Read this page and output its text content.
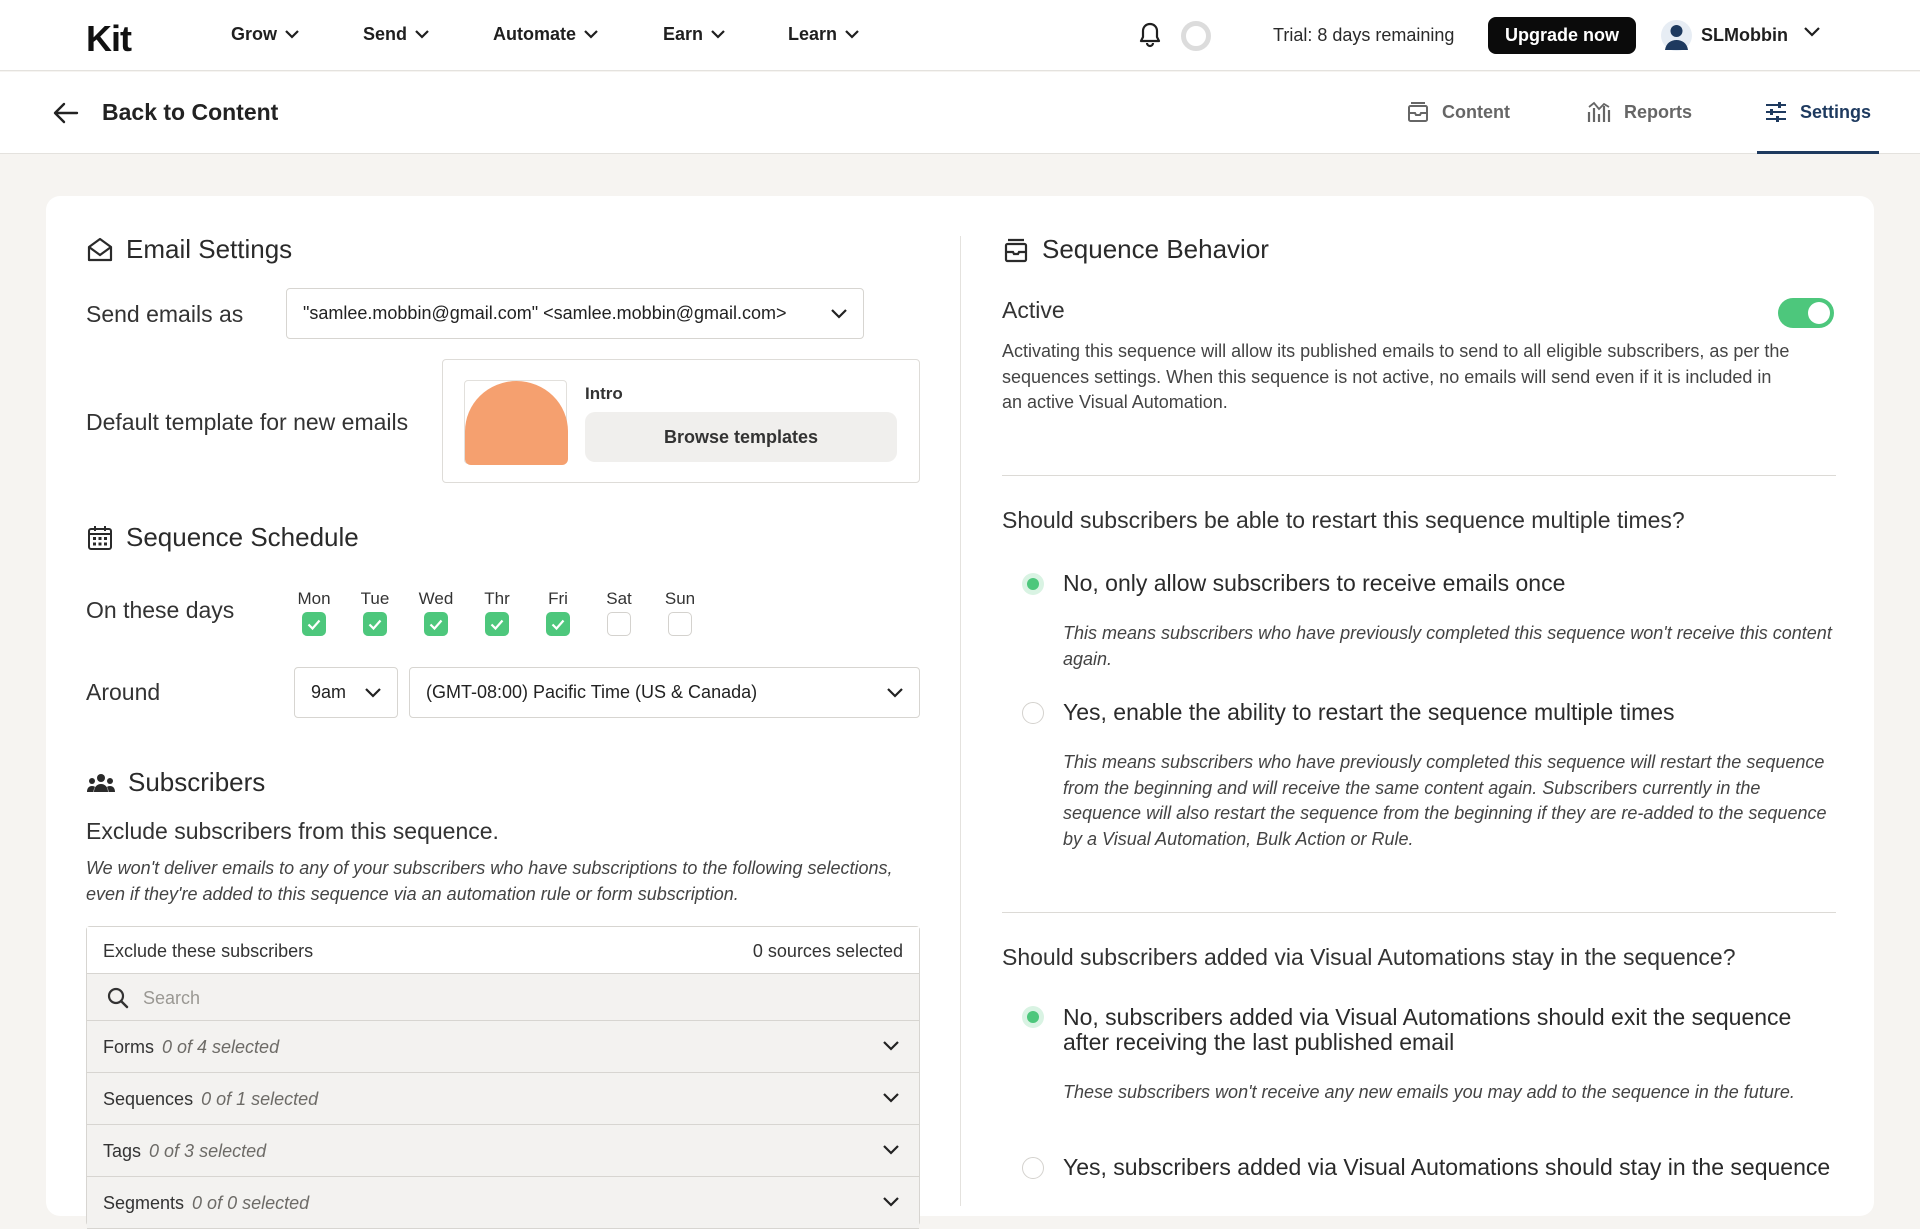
Kit	Grow	Send	Automate	Earn	Learn	Trial: 8 days remaining	Upgrade now	SLMobbin
Back to Content	Content	Reports	Settings
Email Settings
Send emails as	"samlee.mobbin@gmail.com" <samlee.mobbin@gmail.com>
Default template for new emails
Intro
Browse templates
Sequence Schedule
On these days	Mon	Tue	Wed	Thr	Fri	Sat	Sun
Around	9am	(GMT-08:00) Pacific Time (US & Canada)
Subscribers
Exclude subscribers from this sequence.
We won't deliver emails to any of your subscribers who have subscriptions to the following selections, even if they're added to this sequence via an automation rule or form subscription.
Exclude these subscribers	0 sources selected
Search
Forms 0 of 4 selected
Sequences 0 of 1 selected
Tags 0 of 3 selected
Segments 0 of 0 selected
Sequence Behavior
Active
Activating this sequence will allow its published emails to send to all eligible subscribers, as per the sequences settings. When this sequence is not active, no emails will send even if it is included in an active Visual Automation.
Should subscribers be able to restart this sequence multiple times?
No, only allow subscribers to receive emails once
This means subscribers who have previously completed this sequence won't receive this content again.
Yes, enable the ability to restart the sequence multiple times
This means subscribers who have previously completed this sequence will restart the sequence from the beginning and will receive the same content again. Subscribers currently in the sequence will also restart the sequence from the beginning if they are re-added to the sequence by a Visual Automation, Bulk Action or Rule.
Should subscribers added via Visual Automations stay in the sequence?
No, subscribers added via Visual Automations should exit the sequence after receiving the last published email
These subscribers won't receive any new emails you may add to the sequence in the future.
Yes, subscribers added via Visual Automations should stay in the sequence
